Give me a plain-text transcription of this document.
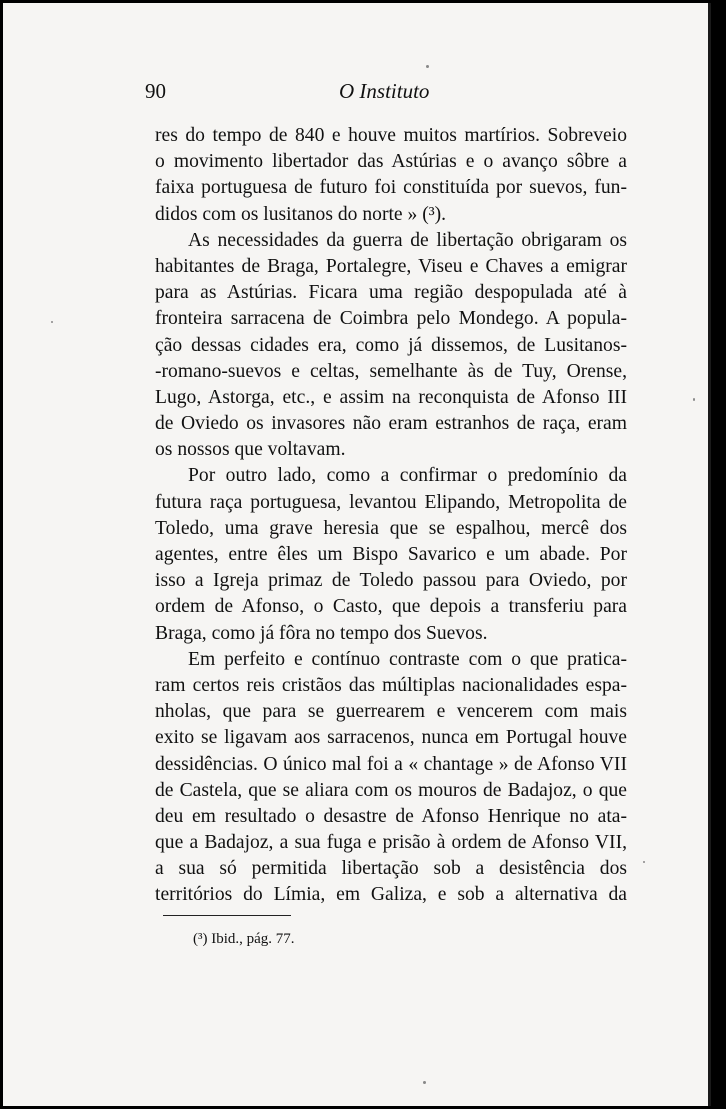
90	O Instituto
res do tempo de 840 e houve muitos martírios. Sobreveio
o movimento libertador das Astúrias e o avanço sôbre a
faixa portuguesa de futuro foi constituída por suevos, fun-
didos com os lusitanos do norte » (³).
As necessidades da guerra de libertação obrigaram os
habitantes de Braga, Portalegre, Viseu e Chaves a emigrar
para as Astúrias. Ficara uma região despopulada até à
fronteira sarracena de Coimbra pelo Mondego. A popula-
ção dessas cidades era, como já dissemos, de Lusitanos-
-romano-suevos e celtas, semelhante às de Tuy, Orense,
Lugo, Astorga, etc., e assim na reconquista de Afonso III
de Oviedo os invasores não eram estranhos de raça, eram
os nossos que voltavam.
Por outro lado, como a confirmar o predomínio da
futura raça portuguesa, levantou Elipando, Metropolita de
Toledo, uma grave heresia que se espalhou, mercê dos
agentes, entre êles um Bispo Savarico e um abade. Por
isso a Igreja primaz de Toledo passou para Oviedo, por
ordem de Afonso, o Casto, que depois a transferiu para
Braga, como já fôra no tempo dos Suevos.
Em perfeito e contínuo contraste com o que pratica-
ram certos reis cristãos das múltiplas nacionalidades espa-
nholas, que para se guerrearem e vencerem com mais
exito se ligavam aos sarracenos, nunca em Portugal houve
dessidências. O único mal foi a « chantage » de Afonso VII
de Castela, que se aliara com os mouros de Badajoz, o que
deu em resultado o desastre de Afonso Henrique no ata-
que a Badajoz, a sua fuga e prisão à ordem de Afonso VII,
a sua só permitida libertação sob a desistência dos
territórios do Límia, em Galiza, e sob a alternativa da
(³) Ibid., pág. 77.
